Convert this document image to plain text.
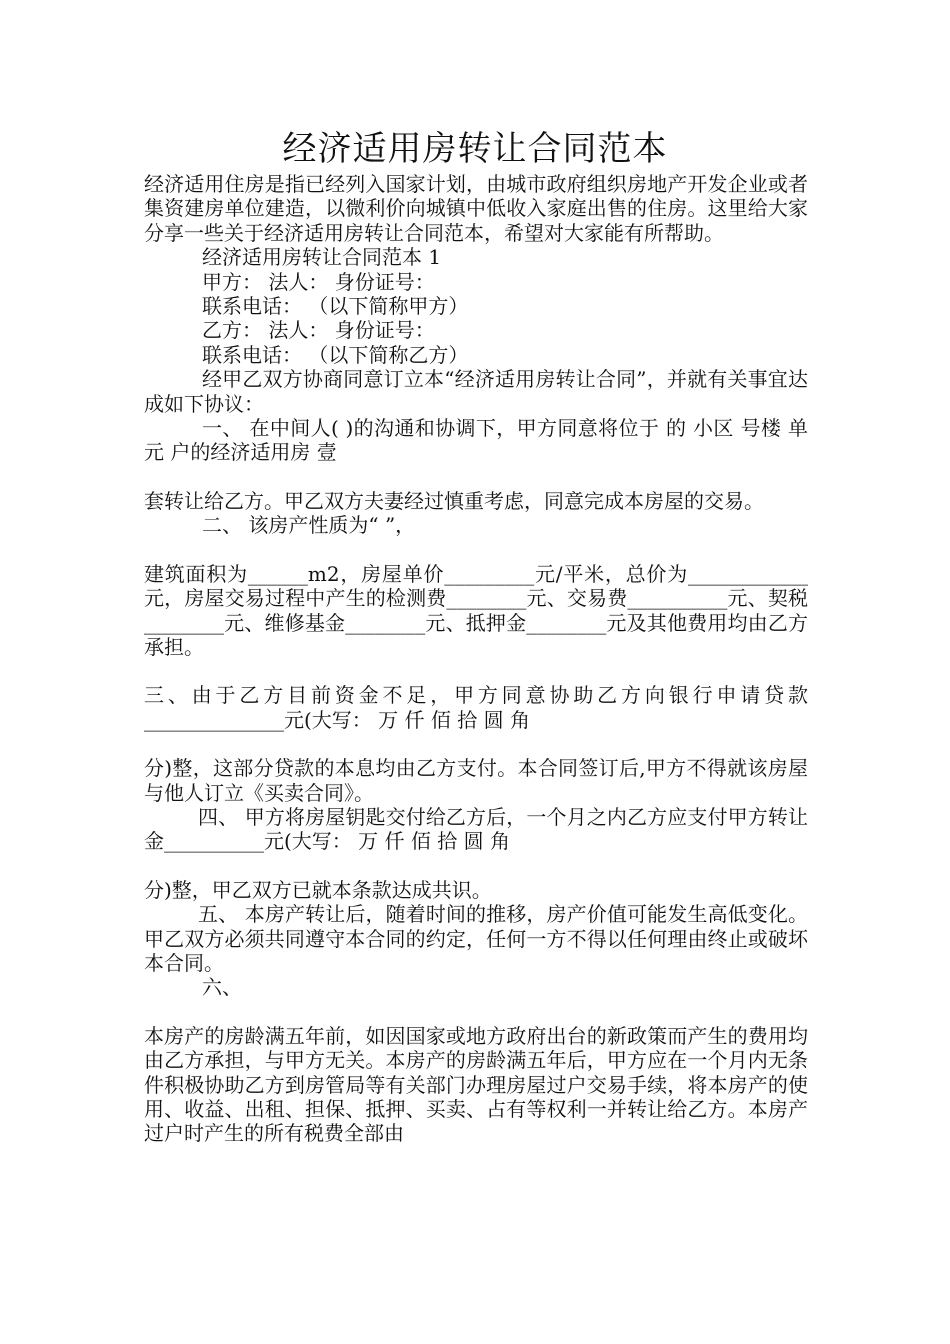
经济适用房转让合同范本

经济适用住房是指已经列入国家计划，由城市政府组织房地产开发企业或者集资建房单位建造，以微利价向城镇中低收入家庭出售的住房。这里给大家分享一些关于经济适用房转让合同范本，希望对大家能有所帮助。

经济适用房转让合同范本 1

甲方： 法人： 身份证号：

联系电话： （以下简称甲方）

乙方： 法人： 身份证号：

联系电话： （以下简称乙方）

经甲乙双方协商同意订立本“经济适用房转让合同”，并就有关事宜达成如下协议：

一、 在中间人( )的沟通和协调下，甲方同意将位于 的 小区 号楼 单元 户的经济适用房 壹

套转让给乙方。甲乙双方夫妻经过慎重考虑，同意完成本房屋的交易。

二、 该房产性质为“ ”，

建筑面积为______m2，房屋单价_________元/平米，总价为____________元，房屋交易过程中产生的检测费________元、交易费__________元、契税________元、维修基金________元、抵押金________元及其他费用均由乙方承担。

三、由于乙方目前资金不足，甲方同意协助乙方向银行申请贷款______________元(大写： 万 仟 佰 拾 圆 角

分)整，这部分贷款的本息均由乙方支付。本合同签订后,甲方不得就该房屋与他人订立《买卖合同》。

四、 甲方将房屋钥匙交付给乙方后，一个月之内乙方应支付甲方转让金__________元(大写： 万 仟 佰 拾 圆 角

分)整，甲乙双方已就本条款达成共识。

五、 本房产转让后，随着时间的推移，房产价值可能发生高低变化。甲乙双方必须共同遵守本合同的约定，任何一方不得以任何理由终止或破坏本合同。

六、

本房产的房龄满五年前，如因国家或地方政府出台的新政策而产生的费用均由乙方承担，与甲方无关。本房产的房龄满五年后，甲方应在一个月内无条件积极协助乙方到房管局等有关部门办理房屋过户交易手续，将本房产的使用、收益、出租、担保、抵押、买卖、占有等权利一并转让给乙方。本房产过户时产生的所有税费全部由
